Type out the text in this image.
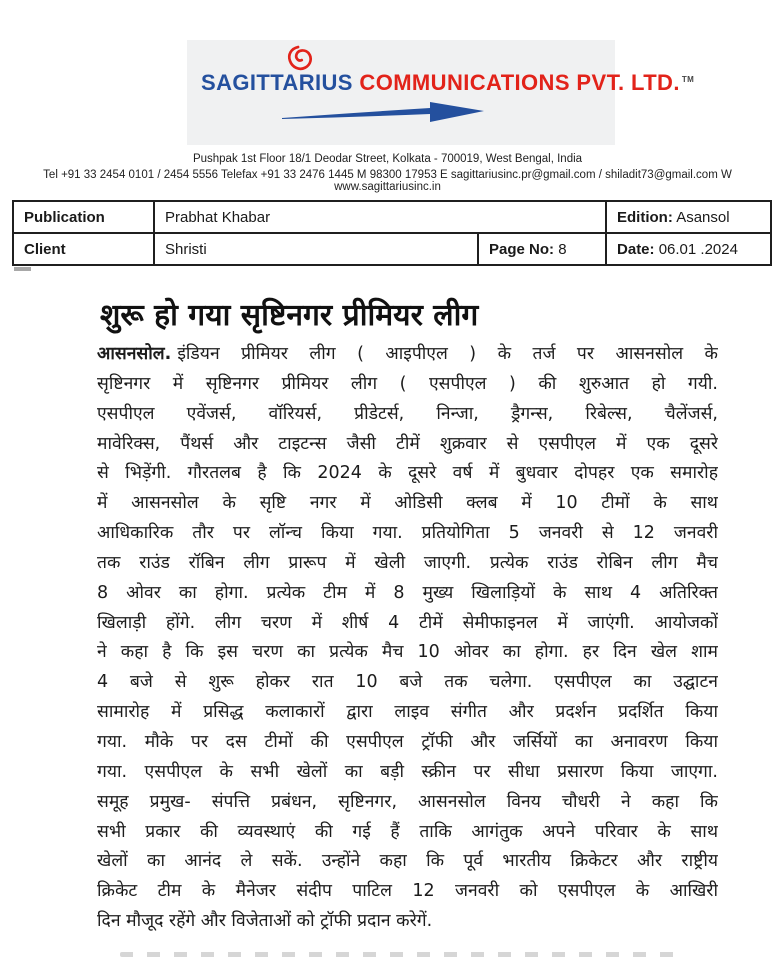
SAGITTARIUS COMMUNICATIONS PVT. LTD. ™
Pushpak 1st Floor 18/1 Deodar Street, Kolkata - 700019, West Bengal, India
Tel +91 33 2454 0101 / 2454 5556 Telefax +91 33 2476 1445 M 98300 17953 E sagittariusinc.pr@gmail.com / shiladit73@gmail.com W www.sagittariusinc.in
Publication	Prabhat Khabar		Edition: Asansol
Client	Shristi	Page No: 8	Date: 06.01 .2024
शुरू हो गया सृष्टिनगर प्रीमियर लीग
आसनसोल. इंडियन प्रीमियर लीग ( आइपीएल ) के तर्ज पर आसनसोल के
सृष्टिनगर में सृष्टिनगर प्रीमियर लीग ( एसपीएल ) की शुरुआत हो गयी.
एसपीएल एवेंजर्स, वॉरियर्स, प्रीडेटर्स, निन्जा, ड्रैगन्स, रिबेल्स, चैलेंजर्स,
मावेरिक्स, पैंथर्स और टाइटन्स जैसी टीमें शुक्रवार से एसपीएल में एक दूसरे
से भिड़ेंगी. गौरतलब है कि 2024 के दूसरे वर्ष में बुधवार दोपहर एक समारोह
में आसनसोल के सृष्टि नगर में ओडिसी क्लब में 10 टीमों के साथ
आधिकारिक तौर पर लॉन्च किया गया. प्रतियोगिता 5 जनवरी से 12 जनवरी
तक राउंड रॉबिन लीग प्रारूप में खेली जाएगी. प्रत्येक राउंड रोबिन लीग मैच
8 ओवर का होगा. प्रत्येक टीम में 8 मुख्य खिलाड़ियों के साथ 4 अतिरिक्त
खिलाड़ी होंगे. लीग चरण में शीर्ष 4 टीमें सेमीफाइनल में जाएंगी. आयोजकों
ने कहा है कि इस चरण का प्रत्येक मैच 10 ओवर का होगा. हर दिन खेल शाम
4 बजे से शुरू होकर रात 10 बजे तक चलेगा. एसपीएल का उद्घाटन
सामारोह में प्रसिद्ध कलाकारों द्वारा लाइव संगीत और प्रदर्शन प्रदर्शित किया
गया. मौके पर दस टीमों की एसपीएल ट्रॉफी और जर्सियों का अनावरण किया
गया. एसपीएल के सभी खेलों का बड़ी स्क्रीन पर सीधा प्रसारण किया जाएगा.
समूह प्रमुख- संपत्ति प्रबंधन, सृष्टिनगर, आसनसोल विनय चौधरी ने कहा कि
सभी प्रकार की व्यवस्थाएं की गई हैं ताकि आगंतुक अपने परिवार के साथ
खेलों का आनंद ले सकें. उन्होंने कहा कि पूर्व भारतीय क्रिकेटर और राष्ट्रीय
क्रिकेट टीम के मैनेजर संदीप पाटिल 12 जनवरी को एसपीएल के आखिरी
दिन मौजूद रहेंगे और विजेताओं को ट्रॉफी प्रदान करेगें.
